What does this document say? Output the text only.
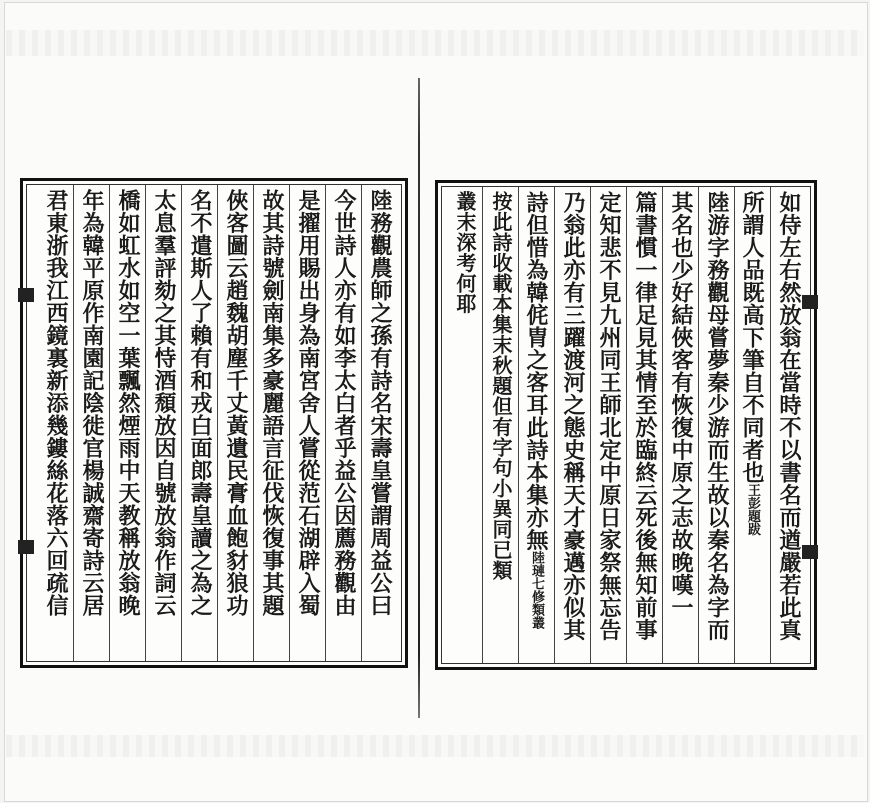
陸務觀農師之孫有詩名宋壽皇嘗謂周益公曰
今世詩人亦有如李太白者乎益公因薦務觀由
是擢用賜出身為南宮舍人嘗從范石湖辟入蜀
故其詩號劍南集多豪麗語言征伐恢復事其題
俠客圖云趙魏胡塵千丈黃遺民膏血飽豺狼功
名不遣斯人了賴有和戎白面郎壽皇讀之為之
太息羣評劾之其恃酒頹放因自號放翁作詞云
橋如虹水如空一葉飄然煙雨中天教稱放翁晚
年為韓平原作南園記陰徙官楊誠齋寄詩云居
君東浙我江西鏡裏新添幾鏤絲花落六回疏信	如侍左右然放翁在當時不以書名而遒嚴若此真
所謂人品既高下筆自不同者也王彭題跋
陸游字務觀母嘗夢秦少游而生故以秦名為字而
其名也少好結俠客有恢復中原之志故晚嘆一
篇書慣一律足見其情至於臨終云死後無知前事
定知悲不見九州同王師北定中原日家祭無忘告
乃翁此亦有三躍渡河之態史稱天才豪邁亦似其
詩但惜為韓侂胄之客耳此詩本集亦無陸璉七修類叢
按此詩收載本集末秋題但有字句小異同已類
叢末深考何耶
